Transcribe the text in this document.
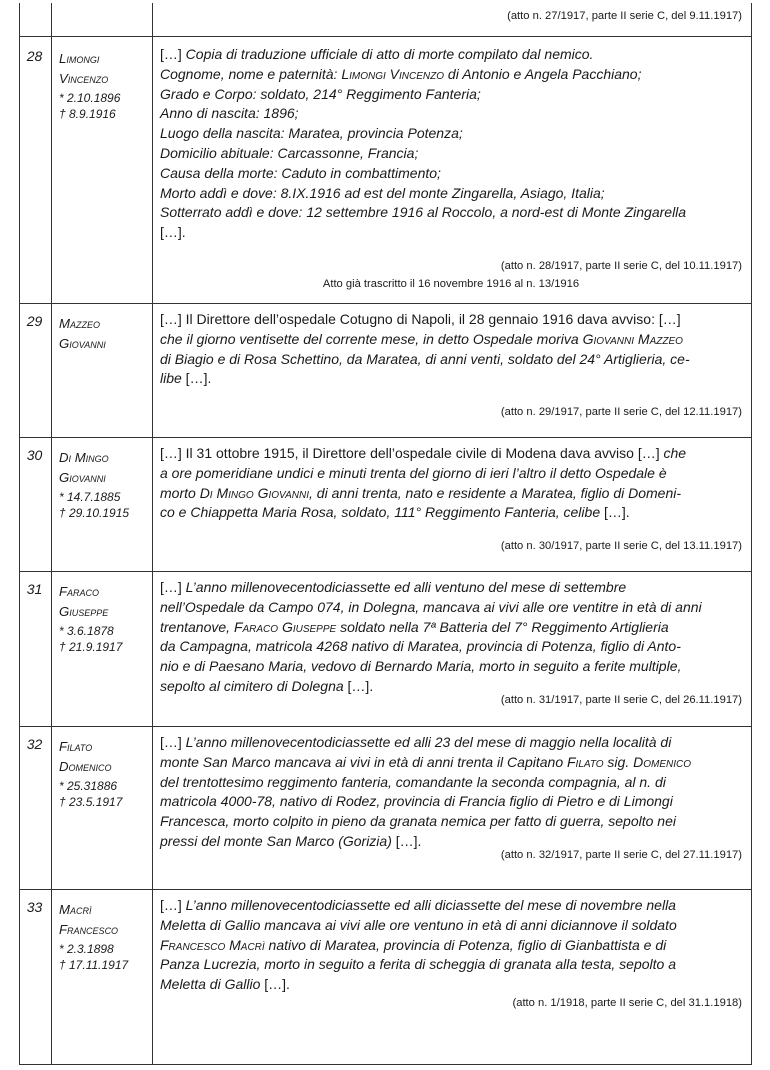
(atto n. 27/1917, parte II serie C, del 9.11.1917)
28	Limongi
Vincenzo
* 2.10.1896
† 8.9.1916

[…] Copia di traduzione ufficiale di atto di morte compilato dal nemico.

Cognome, nome e paternità: Limongi Vincenzo di Antonio e Angela Pacchiano;

Grado e Corpo: soldato, 214° Reggimento Fanteria;

Anno di nascita: 1896;

Luogo della nascita: Maratea, provincia Potenza;

Domicilio abituale: Carcassonne, Francia;

Causa della morte: Caduto in combattimento;

Morto addì e dove: 8.IX.1916 ad est del monte Zingarella, Asiago, Italia;

Sotterrato addì e dove: 12 settembre 1916 al Roccolo, a nord-est di Monte Zingarella

[…].

(atto n. 28/1917, parte II serie C, del 10.11.1917)
Atto già trascritto il 16 novembre 1916 al n. 13/1916
29	Mazzeo
Giovanni

[…] Il Direttore dell’ospedale Cotugno di Napoli, il 28 gennaio 1916 dava avviso: […]

che il giorno ventisette del corrente mese, in detto Ospedale moriva Giovanni Mazzeo

di Biagio e di Rosa Schettino, da Maratea, di anni venti, soldato del 24° Artiglieria, ce-

libe […].

(atto n. 29/1917, parte II serie C, del 12.11.1917)
30	Di Mingo
Giovanni
* 14.7.1885
† 29.10.1915

[…] Il 31 ottobre 1915, il Direttore dell’ospedale civile di Modena dava avviso […] che

a ore pomeridiane undici e minuti trenta del giorno di ieri l’altro il detto Ospedale è

morto Di Mingo Giovanni, di anni trenta, nato e residente a Maratea, figlio di Domeni-

co e Chiappetta Maria Rosa, soldato, 111° Reggimento Fanteria, celibe […].

(atto n. 30/1917, parte II serie C, del 13.11.1917)
31	Faraco
Giuseppe
* 3.6.1878
† 21.9.1917

[…] L’anno millenovecentodiciassette ed alli ventuno del mese di settembre

nell’Ospedale da Campo 074, in Dolegna, mancava ai vivi alle ore ventitre in età di anni

trentanove, Faraco Giuseppe soldato nella 7ª Batteria del 7° Reggimento Artiglieria

da Campagna, matricola 4268 nativo di Maratea, provincia di Potenza, figlio di Anto-

nio e di Paesano Maria, vedovo di Bernardo Maria, morto in seguito a ferite multiple,

sepolto al cimitero di Dolegna […].

(atto n. 31/1917, parte II serie C, del 26.11.1917)
32	Filato
Domenico
* 25.31886
† 23.5.1917

[…] L’anno millenovecentodiciassette ed alli 23 del mese di maggio nella località di

monte San Marco mancava ai vivi in età di anni trenta il Capitano Filato sig. Domenico

del trentottesimo reggimento fanteria, comandante la seconda compagnia, al n. di

matricola 4000-78, nativo di Rodez, provincia di Francia figlio di Pietro e di Limongi

Francesca, morto colpito in pieno da granata nemica per fatto di guerra, sepolto nei

pressi del monte San Marco (Gorizia) […].

(atto n. 32/1917, parte II serie C, del 27.11.1917)
33	Macrì
Francesco
* 2.3.1898
† 17.11.1917

[…] L’anno millenovecentodiciassette ed alli diciassette del mese di novembre nella

Meletta di Gallio mancava ai vivi alle ore ventuno in età di anni diciannove il soldato

Francesco Macrì nativo di Maratea, provincia di Potenza, figlio di Gianbattista e di

Panza Lucrezia, morto in seguito a ferita di scheggia di granata alla testa, sepolto a

Meletta di Gallio […].

(atto n. 1/1918, parte II serie C, del 31.1.1918)
